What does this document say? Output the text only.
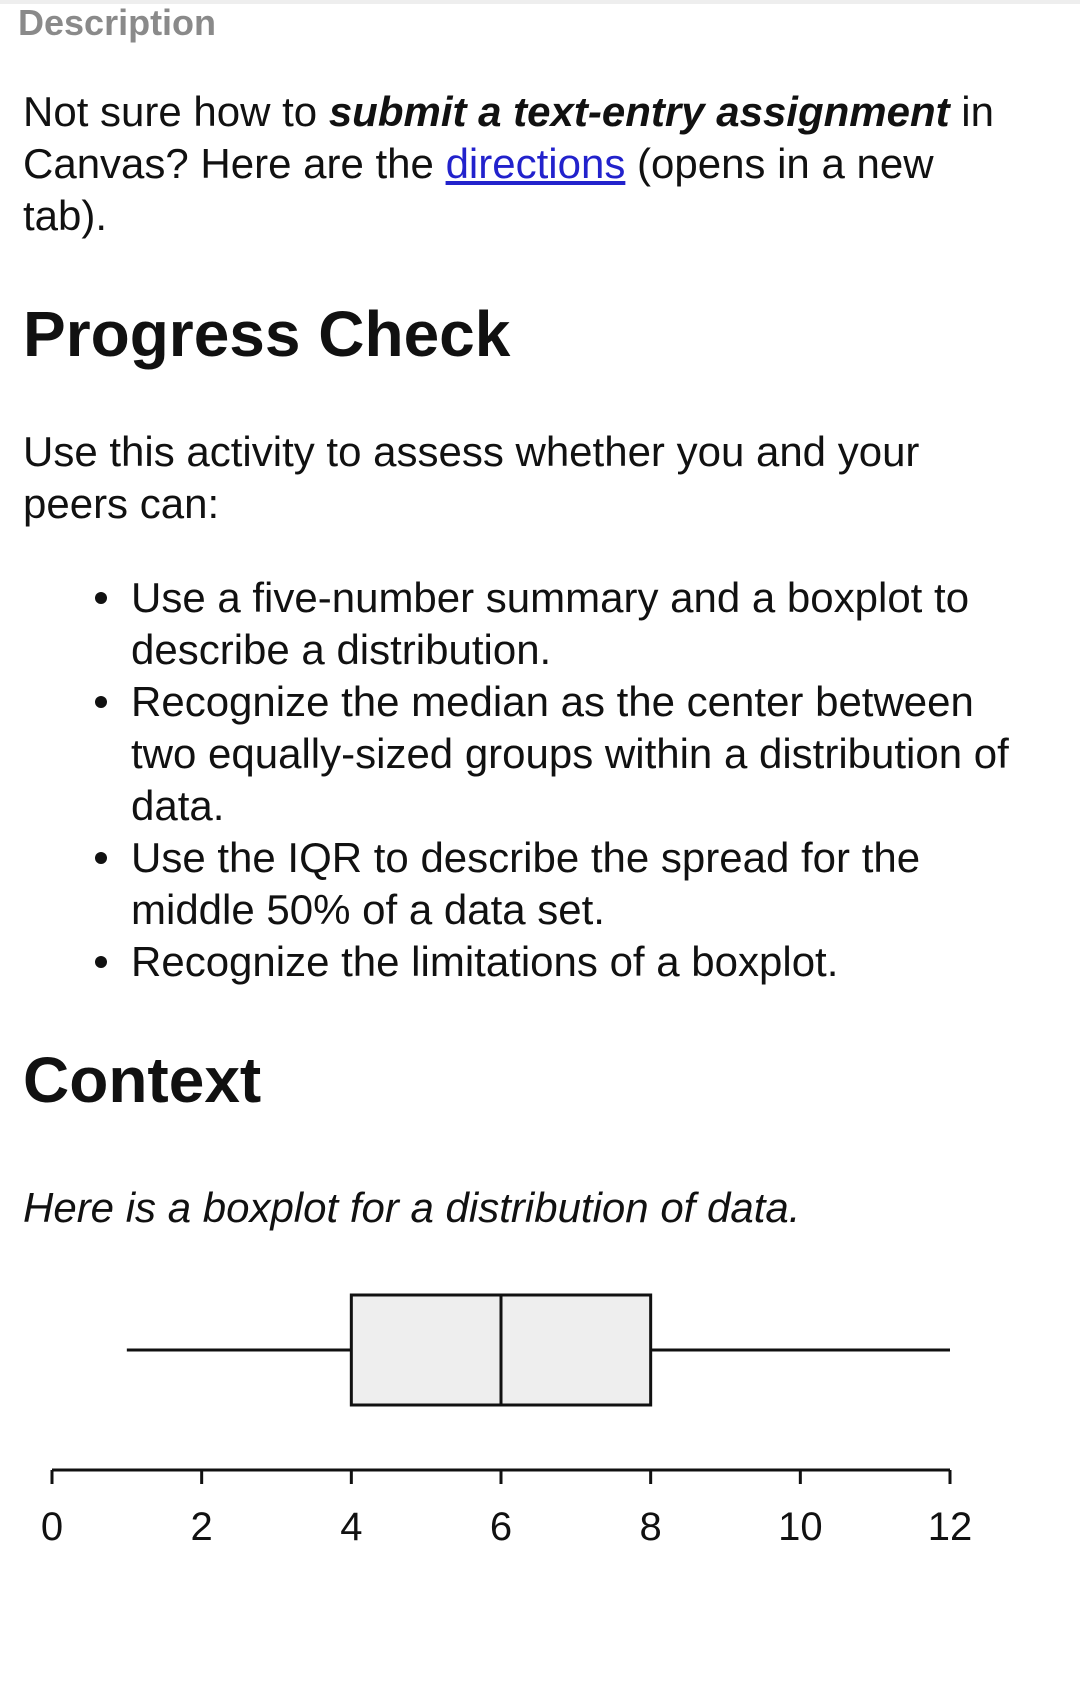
Description

Not sure how to submit a text-entry assignment in Canvas? Here are the directions (opens in a new tab).

Progress Check

Use this activity to assess whether you and your peers can:

Use a five-number summary and a boxplot to describe a distribution.
Recognize the median as the center between two equally-sized groups within a distribution of data.
Use the IQR to describe the spread for the middle 50% of a data set.
Recognize the limitations of a boxplot.
Context

Here is a boxplot for a distribution of data.

0	2	4	6	8	10	12
